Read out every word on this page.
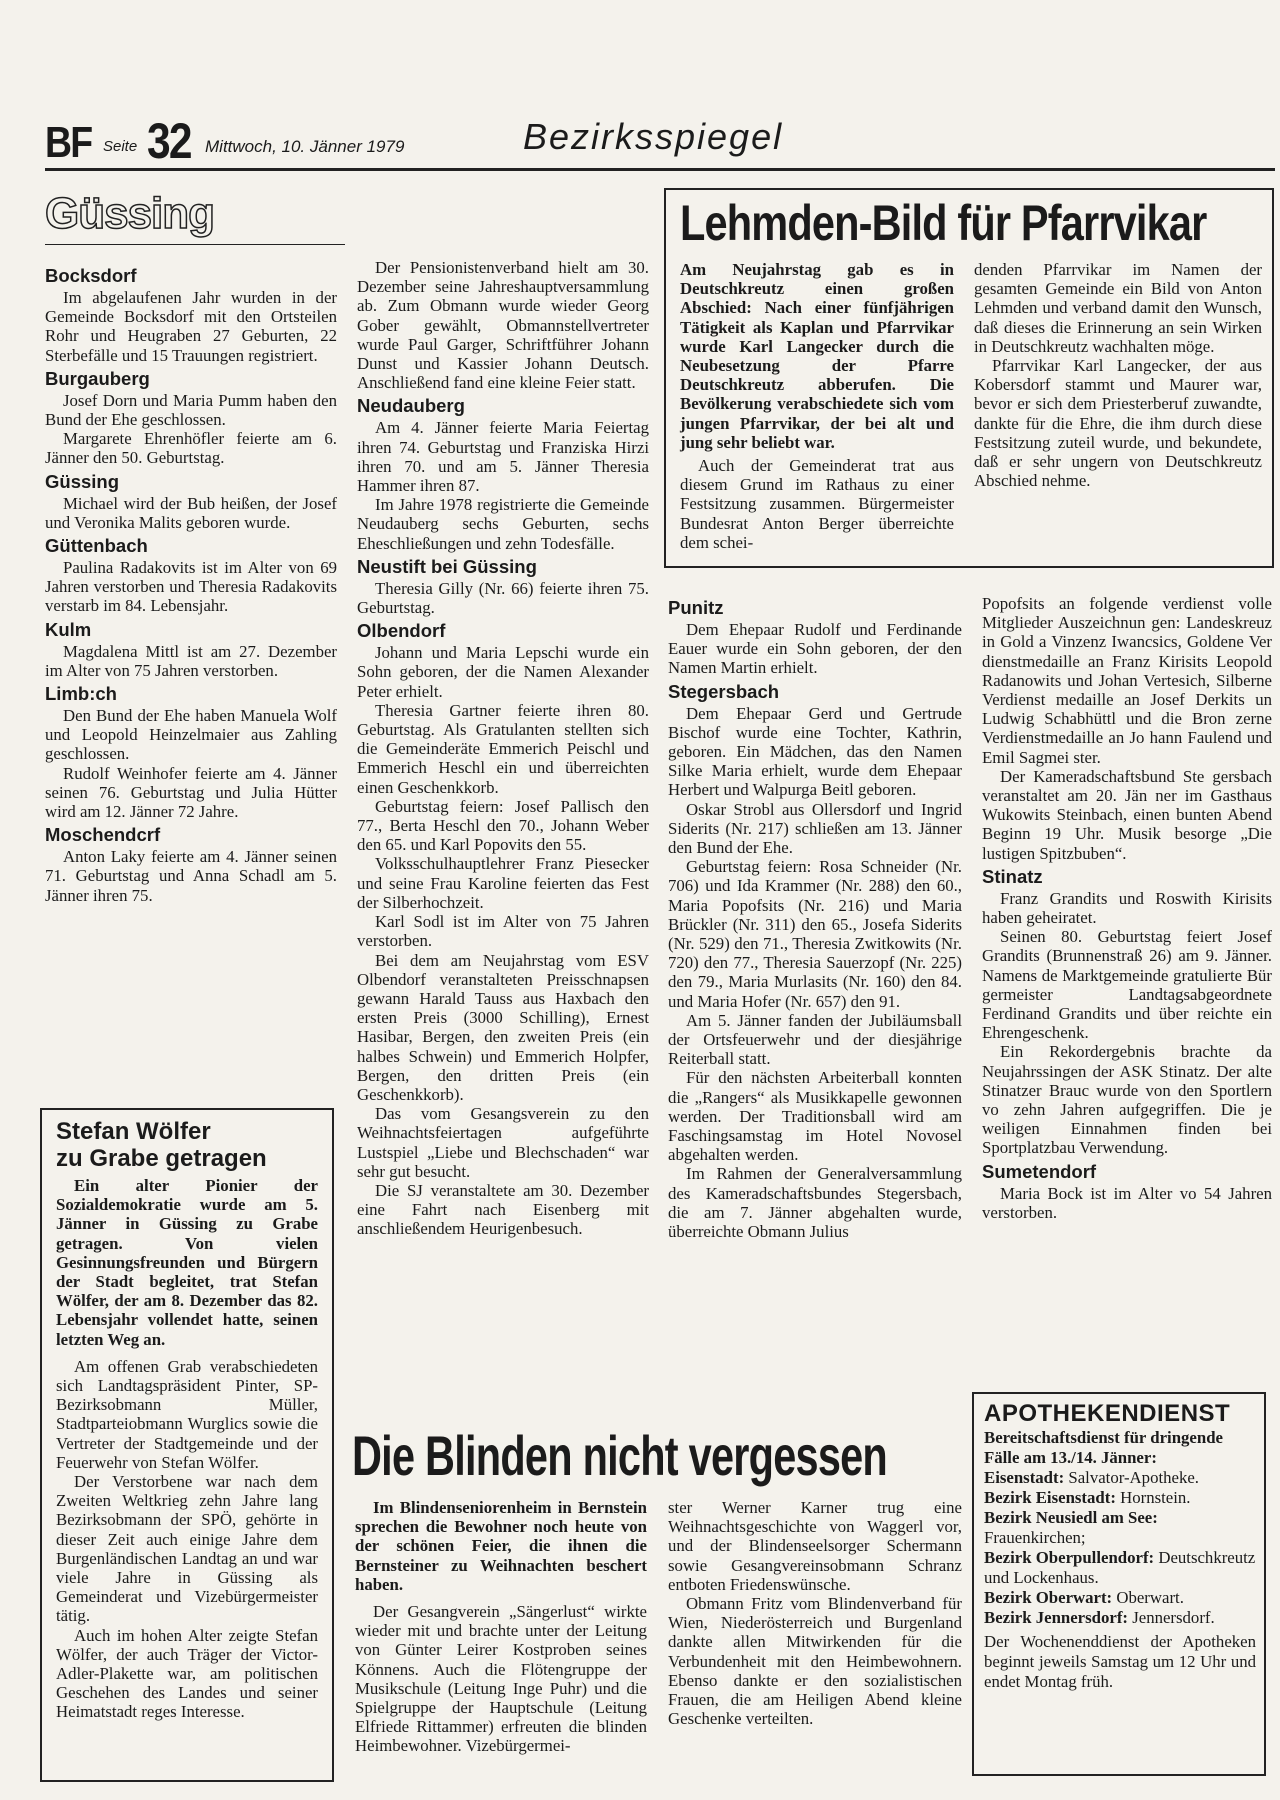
BF Seite 32 Mittwoch, 10. Jänner 1979	Bezirksspiegel
Güssing
Bocksdorf

Im abgelaufenen Jahr wurden in der Gemeinde Bocksdorf mit den Ortsteilen Rohr und Heugraben 27 Geburten, 22 Sterbefälle und 15 Trauungen registriert.

Burgauberg

Josef Dorn und Maria Pumm haben den Bund der Ehe geschlossen.

Margarete Ehrenhöfler feierte am 6. Jänner den 50. Geburtstag.

Güssing

Michael wird der Bub heißen, der Josef und Veronika Malits geboren wurde.

Güttenbach

Paulina Radakovits ist im Alter von 69 Jahren verstorben und Theresia Radakovits verstarb im 84. Lebensjahr.

Kulm

Magdalena Mittl ist am 27. Dezember im Alter von 75 Jahren verstorben.

Limb:ch

Den Bund der Ehe haben Manuela Wolf und Leopold Heinzelmaier aus Zahling geschlossen.

Rudolf Weinhofer feierte am 4. Jänner seinen 76. Geburtstag und Julia Hütter wird am 12. Jänner 72 Jahre.

Moschendcrf

Anton Laky feierte am 4. Jänner seinen 71. Geburtstag und Anna Schadl am 5. Jänner ihren 75.

Der Pensionistenverband hielt am 30. Dezember seine Jahreshauptversammlung ab. Zum Obmann wurde wieder Georg Gober gewählt, Obmannstellvertreter wurde Paul Garger, Schriftführer Johann Dunst und Kassier Johann Deutsch. Anschließend fand eine kleine Feier statt.

Neudauberg

Am 4. Jänner feierte Maria Feiertag ihren 74. Geburtstag und Franziska Hirzi ihren 70. und am 5. Jänner Theresia Hammer ihren 87.

Im Jahre 1978 registrierte die Gemeinde Neudauberg sechs Geburten, sechs Eheschließungen und zehn Todesfälle.

Neustift bei Güssing

Theresia Gilly (Nr. 66) feierte ihren 75. Geburtstag.

Olbendorf

Johann und Maria Lepschi wurde ein Sohn geboren, der die Namen Alexander Peter erhielt.

Theresia Gartner feierte ihren 80. Geburtstag. Als Gratulanten stellten sich die Gemeinderäte Emmerich Peischl und Emmerich Heschl ein und überreichten einen Geschenkkorb.

Geburtstag feiern: Josef Pallisch den 77., Berta Heschl den 70., Johann Weber den 65. und Karl Popovits den 55.

Volksschulhauptlehrer Franz Piesecker und seine Frau Karoline feierten das Fest der Silberhochzeit.

Karl Sodl ist im Alter von 75 Jahren verstorben.

Bei dem am Neujahrstag vom ESV Olbendorf veranstalteten Preisschnapsen gewann Harald Tauss aus Haxbach den ersten Preis (3000 Schilling), Ernest Hasibar, Bergen, den zweiten Preis (ein halbes Schwein) und Emmerich Holpfer, Bergen, den dritten Preis (ein Geschenkkorb).

Das vom Gesangsverein zu den Weihnachtsfeiertagen aufgeführte Lustspiel „Liebe und Blechschaden“ war sehr gut besucht.

Die SJ veranstaltete am 30. Dezember eine Fahrt nach Eisenberg mit anschließendem Heurigenbesuch.

Punitz

Dem Ehepaar Rudolf und Ferdinande Eauer wurde ein Sohn geboren, der den Namen Martin erhielt.

Stegersbach

Dem Ehepaar Gerd und Gertrude Bischof wurde eine Tochter, Kathrin, geboren. Ein Mädchen, das den Namen Silke Maria erhielt, wurde dem Ehepaar Herbert und Walpurga Beitl geboren.

Oskar Strobl aus Ollersdorf und Ingrid Siderits (Nr. 217) schließen am 13. Jänner den Bund der Ehe.

Geburtstag feiern: Rosa Schneider (Nr. 706) und Ida Krammer (Nr. 288) den 60., Maria Popofsits (Nr. 216) und Maria Brückler (Nr. 311) den 65., Josefa Siderits (Nr. 529) den 71., Theresia Zwitkowits (Nr. 720) den 77., Theresia Sauerzopf (Nr. 225) den 79., Maria Murlasits (Nr. 160) den 84. und Maria Hofer (Nr. 657) den 91.

Am 5. Jänner fanden der Jubiläumsball der Ortsfeuerwehr und der diesjährige Reiterball statt.

Für den nächsten Arbeiterball konnten die „Rangers“ als Musikkapelle gewonnen werden. Der Traditionsball wird am Faschingsamstag im Hotel Novosel abgehalten werden.

Im Rahmen der Generalversammlung des Kameradschaftsbundes Stegersbach, die am 7. Jänner abgehalten wurde, überreichte Obmann Julius

Popofsits an folgende verdienst volle Mitglieder Auszeichnun gen: Landeskreuz in Gold a Vinzenz Iwancsics, Goldene Ver dienstmedaille an Franz Kirisits Leopold Radanowits und Johan Vertesich, Silberne Verdienst medaille an Josef Derkits un Ludwig Schabhüttl und die Bron zerne Verdienstmedaille an Jo hann Faulend und Emil Sagmei ster.

Der Kameradschaftsbund Ste gersbach veranstaltet am 20. Jän ner im Gasthaus Wukowits Steinbach, einen bunten Abend Beginn 19 Uhr. Musik besorge „Die lustigen Spitzbuben“.

Stinatz

Franz Grandits und Roswith Kirisits haben geheiratet.

Seinen 80. Geburtstag feiert Josef Grandits (Brunnenstraß 26) am 9. Jänner. Namens de Marktgemeinde gratulierte Bür germeister Landtagsabgeordnete Ferdinand Grandits und über reichte ein Ehrengeschenk.

Ein Rekordergebnis brachte da Neujahrssingen der ASK Stinatz. Der alte Stinatzer Brauc wurde von den Sportlern vo zehn Jahren aufgegriffen. Die je weiligen Einnahmen finden bei Sportplatzbau Verwendung.

Sumetendorf

Maria Bock ist im Alter vo 54 Jahren verstorben.

Stefan Wölfer
zu Grabe getragen

Ein alter Pionier der Sozialdemokratie wurde am 5. Jänner in Güssing zu Grabe getragen. Von vielen Gesinnungsfreunden und Bürgern der Stadt begleitet, trat Stefan Wölfer, der am 8. Dezember das 82. Lebensjahr vollendet hatte, seinen letzten Weg an.

Am offenen Grab verabschiedeten sich Landtagspräsident Pinter, SP-Bezirksobmann Müller, Stadtparteiobmann Wurglics sowie die Vertreter der Stadtgemeinde und der Feuerwehr von Stefan Wölfer.

Der Verstorbene war nach dem Zweiten Weltkrieg zehn Jahre lang Bezirksobmann der SPÖ, gehörte in dieser Zeit auch einige Jahre dem Burgenländischen Landtag an und war viele Jahre in Güssing als Gemeinderat und Vizebürgermeister tätig.

Auch im hohen Alter zeigte Stefan Wölfer, der auch Träger der Victor-Adler-Plakette war, am politischen Geschehen des Landes und seiner Heimatstadt reges Interesse.

Lehmden-Bild für Pfarrvikar

Am Neujahrstag gab es in Deutschkreutz einen großen Abschied: Nach einer fünfjährigen Tätigkeit als Kaplan und Pfarrvikar wurde Karl Langecker durch die Neubesetzung der Pfarre Deutschkreutz abberufen. Die Bevölkerung verabschiedete sich vom jungen Pfarrvikar, der bei alt und jung sehr beliebt war.

Auch der Gemeinderat trat aus diesem Grund im Rathaus zu einer Festsitzung zusammen. Bürgermeister Bundesrat Anton Berger überreichte dem schei-

denden Pfarrvikar im Namen der gesamten Gemeinde ein Bild von Anton Lehmden und verband damit den Wunsch, daß dieses die Erinnerung an sein Wirken in Deutschkreutz wachhalten möge.

Pfarrvikar Karl Langecker, der aus Kobersdorf stammt und Maurer war, bevor er sich dem Priesterberuf zuwandte, dankte für die Ehre, die ihm durch diese Festsitzung zuteil wurde, und bekundete, daß er sehr ungern von Deutschkreutz Abschied nehme.

Die Blinden nicht vergessen

Im Blindenseniorenheim in Bernstein sprechen die Bewohner noch heute von der schönen Feier, die ihnen die Bernsteiner zu Weihnachten beschert haben.

Der Gesangverein „Sängerlust“ wirkte wieder mit und brachte unter der Leitung von Günter Leirer Kostproben seines Könnens. Auch die Flötengruppe der Musikschule (Leitung Inge Puhr) und die Spielgruppe der Hauptschule (Leitung Elfriede Rittammer) erfreuten die blinden Heimbewohner. Vizebürgermei-

ster Werner Karner trug eine Weihnachtsgeschichte von Waggerl vor, und der Blindenseelsorger Schermann sowie Gesangvereinsobmann Schranz entboten Friedenswünsche.

Obmann Fritz vom Blindenverband für Wien, Niederösterreich und Burgenland dankte allen Mitwirkenden für die Verbundenheit mit den Heimbewohnern. Ebenso dankte er den sozialistischen Frauen, die am Heiligen Abend kleine Geschenke verteilten.

APOTHEKENDIENST
Bereitschaftsdienst für dringende Fälle am 13./14. Jänner:
Eisenstadt: Salvator-Apotheke.
Bezirk Eisenstadt: Hornstein.
Bezirk Neusiedl am See: Frauenkirchen;
Bezirk Oberpullendorf: Deutschkreutz und Lockenhaus.
Bezirk Oberwart: Oberwart.
Bezirk Jennersdorf: Jennersdorf.
Der Wochenenddienst der Apotheken beginnt jeweils Samstag um 12 Uhr und endet Montag früh.
